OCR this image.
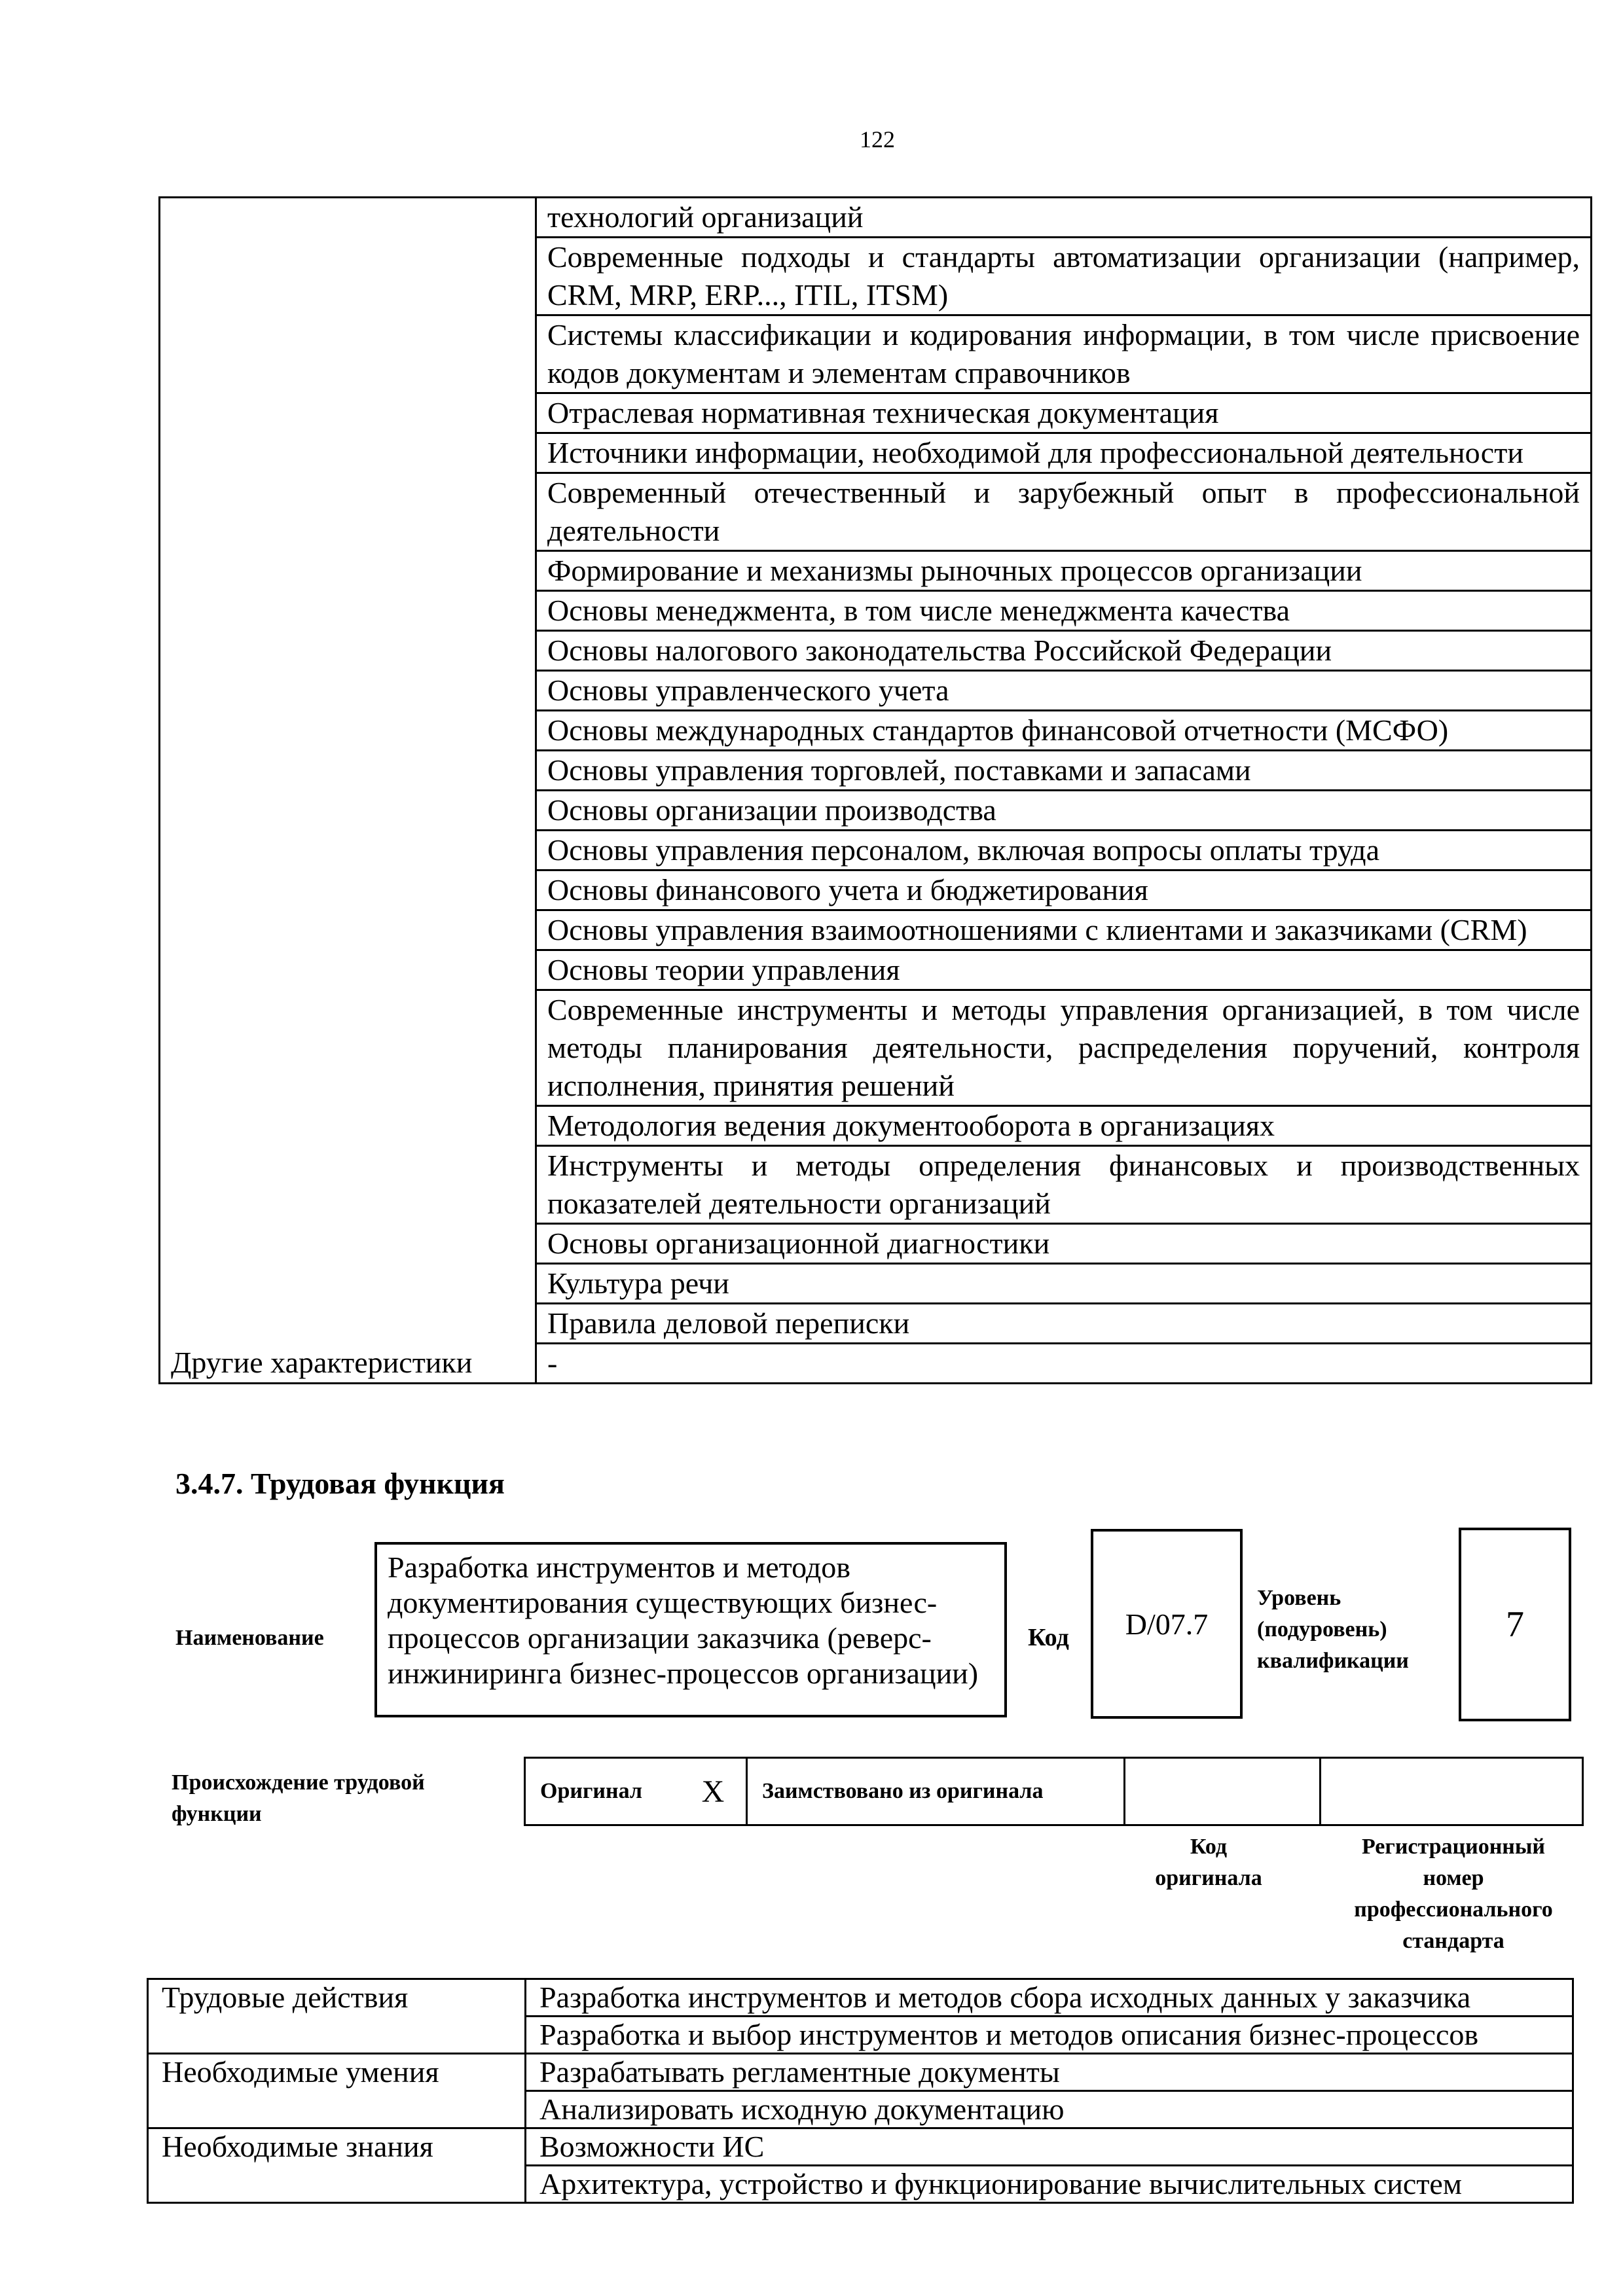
122
	технологий организаций
	Современные подходы и стандарты автоматизации организации (например, CRM, MRP, ERP..., ITIL, ITSM)
	Системы классификации и кодирования информации, в том числе присвоение кодов документам и элементам справочников
	Отраслевая нормативная техническая документация
	Источники информации, необходимой для профессиональной деятельности
	Современный отечественный и зарубежный опыт в профессиональной деятельности
	Формирование и механизмы рыночных процессов организации
	Основы менеджмента, в том числе менеджмента качества
	Основы налогового законодательства Российской Федерации
	Основы управленческого учета
	Основы международных стандартов финансовой отчетности (МСФО)
	Основы управления торговлей, поставками и запасами
	Основы организации производства
	Основы управления персоналом, включая вопросы оплаты труда
	Основы финансового учета и бюджетирования
	Основы управления взаимоотношениями с клиентами и заказчиками (CRM)
	Основы теории управления
	Современные инструменты и методы управления организацией, в том числе методы планирования деятельности, распределения поручений, контроля исполнения, принятия решений
	Методология ведения документооборота в организациях
	Инструменты и методы определения финансовых и производственных показателей деятельности организаций
	Основы организационной диагностики
	Культура речи
	Правила деловой переписки
Другие характеристики	-
3.4.7. Трудовая функция
Наименование
Разработка инструментов и методов документирования существующих бизнес-процессов организации заказчика (реверс-инжиниринга бизнес-процессов организации)
Код D/07.7
Уровень
(подуровень)
квалификации
7
Происхождение трудовой
функции
Оригинал	X	Заимствовано из оригинала		
Код
оригинала
Регистрационный
номер
профессионального
стандарта
Трудовые действия	Разработка инструментов и методов сбора исходных данных у заказчика
	Разработка и выбор инструментов и методов описания бизнес-процессов
Необходимые умения	Разрабатывать регламентные документы
	Анализировать исходную документацию
Необходимые знания	Возможности ИС
	Архитектура, устройство и функционирование вычислительных систем
